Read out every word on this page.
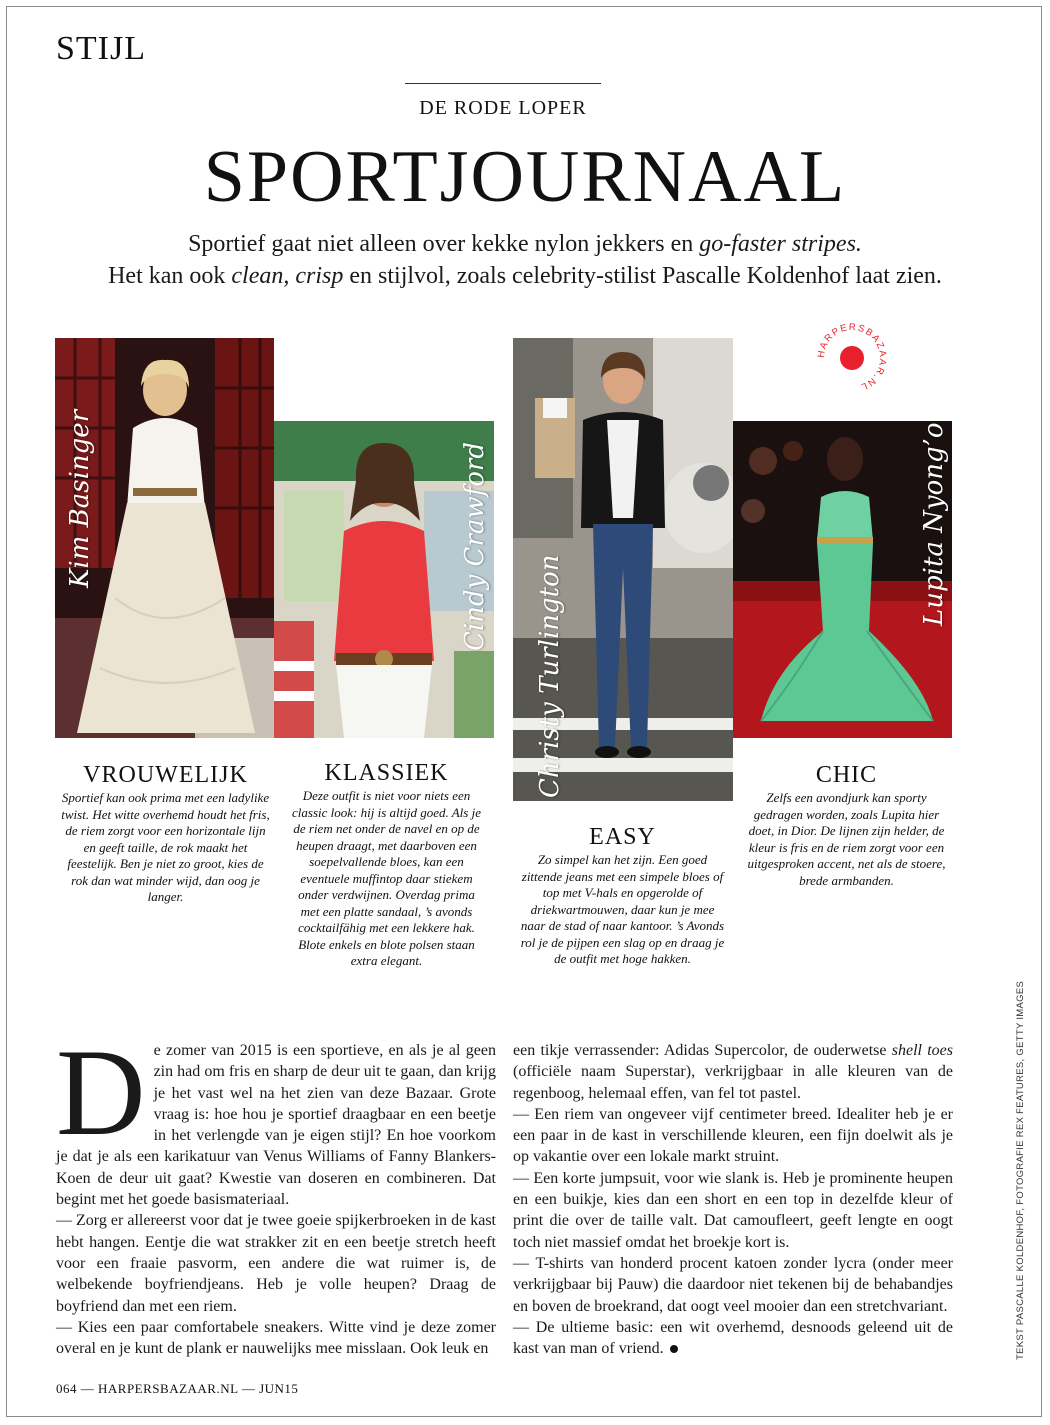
STIJL
DE RODE LOPER
SPORTJOURNAAL
Sportief gaat niet alleen over kekke nylon jekkers en go-faster stripes.
Het kan ook clean, crisp en stijlvol, zoals celebrity-stilist Pascalle Koldenhof laat zien.
Kim Basinger	Cindy Crawford
Christy Turlington
Lupita Nyong’o
HARPERSBAZAAR.NL
VROUWELIJK

Sportief kan ook prima met een ladylike twist. Het witte overhemd houdt het fris, de riem zorgt voor een horizontale lijn en geeft taille, de rok maakt het feestelijk. Ben je niet zo groot, kies de rok dan wat minder wijd, dan oog je langer.

KLASSIEK

Deze outfit is niet voor niets een classic look: hij is altijd goed. Als je de riem net onder de navel en op de heupen draagt, met daarboven een soepelvallende bloes, kan een eventuele muffintop daar stiekem onder verdwijnen. Overdag prima met een platte sandaal, ’s avonds cocktailfähig met een lekkere hak. Blote enkels en blote polsen staan extra elegant.

EASY

Zo simpel kan het zijn. Een goed zittende jeans met een simpele bloes of top met V-hals en opgerolde of driekwartmouwen, daar kun je mee naar de stad of naar kantoor. ’s Avonds rol je de pijpen een slag op en draag je de outfit met hoge hakken.

CHIC

Zelfs een avondjurk kan sporty gedragen worden, zoals Lupita hier doet, in Dior. De lijnen zijn helder, de kleur is fris en de riem zorgt voor een uitgesproken accent, net als de stoere, brede armbanden.

D e zomer van 2015 is een sportieve, en als je al geen zin had om fris en sharp de deur uit te gaan, dan krijg je het vast wel na het zien van deze Bazaar. Grote vraag is: hoe hou je sportief draagbaar en een beetje in het verlengde van je eigen stijl? En hoe voorkom je dat je als een karikatuur van Venus Williams of Fanny Blankers-Koen de deur uit gaat? Kwestie van doseren en combineren. Dat begint met het goede basismateriaal.

— Zorg er allereerst voor dat je twee goeie spijkerbroeken in de kast hebt hangen. Eentje die wat strakker zit en een beetje stretch heeft voor een fraaie pasvorm, een andere die wat ruimer is, de welbekende boyfriendjeans. Heb je volle heupen? Draag de boyfriend dan met een riem.

— Kies een paar comfortabele sneakers. Witte vind je deze zomer overal en je kunt de plank er nauwelijks mee misslaan. Ook leuk en

een tikje verrassender: Adidas Supercolor, de ouderwetse shell toes (officiële naam Superstar), verkrijgbaar in alle kleuren van de regenboog, helemaal effen, van fel tot pastel.

— Een riem van ongeveer vijf centimeter breed. Idealiter heb je er een paar in de kast in verschillende kleuren, een fijn doelwit als je op vakantie over een lokale markt struint.

— Een korte jumpsuit, voor wie slank is. Heb je prominente heupen en een buikje, kies dan een short en een top in dezelfde kleur of print die over de taille valt. Dat camoufleert, geeft lengte en oogt toch niet massief omdat het broekje kort is.

— T-shirts van honderd procent katoen zonder lycra (onder meer verkrijgbaar bij Pauw) die daardoor niet tekenen bij de behabandjes en boven de broekrand, dat oogt veel mooier dan een stretchvariant.

— De ultieme basic: een wit overhemd, desnoods geleend uit de kast van man of vriend.

064 — HARPERSBAZAAR.NL — JUN15
TEKST PASCALLE KOLDENHOF, FOTOGRAFIE REX FEATURES, GETTY IMAGES
